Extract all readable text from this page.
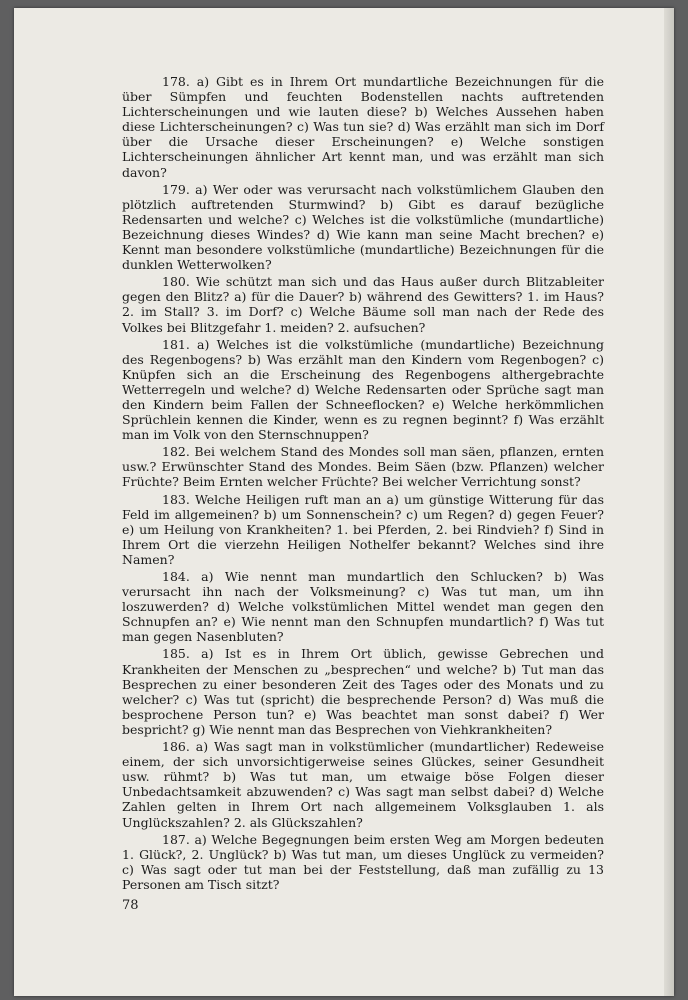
178. a) Gibt es in Ihrem Ort mundartliche Bezeichnungen für die über Sümpfen und feuchten Bodenstellen nachts auftretenden Lichterscheinungen und wie lauten diese? b) Welches Aussehen haben diese Lichterscheinungen? c) Was tun sie? d) Was erzählt man sich im Dorf über die Ursache dieser Erscheinungen? e) Welche sonstigen Lichterscheinungen ähnlicher Art kennt man, und was erzählt man sich davon?

179. a) Wer oder was verursacht nach volkstümlichem Glauben den plötzlich auftretenden Sturmwind? b) Gibt es darauf bezügliche Redensarten und welche? c) Welches ist die volkstümliche (mundartliche) Bezeichnung dieses Windes? d) Wie kann man seine Macht brechen? e) Kennt man besondere volkstümliche (mundartliche) Bezeichnungen für die dunklen Wetterwolken?

180. Wie schützt man sich und das Haus außer durch Blitzableiter gegen den Blitz? a) für die Dauer? b) während des Gewitters? 1. im Haus? 2. im Stall? 3. im Dorf? c) Welche Bäume soll man nach der Rede des Volkes bei Blitzgefahr 1. meiden? 2. aufsuchen?

181. a) Welches ist die volkstümliche (mundartliche) Bezeichnung des Regenbogens? b) Was erzählt man den Kindern vom Regenbogen? c) Knüpfen sich an die Erscheinung des Regenbogens althergebrachte Wetterregeln und welche? d) Welche Redensarten oder Sprüche sagt man den Kindern beim Fallen der Schneeflocken? e) Welche herkömmlichen Sprüchlein kennen die Kinder, wenn es zu regnen beginnt? f) Was erzählt man im Volk von den Sternschnuppen?

182. Bei welchem Stand des Mondes soll man säen, pflanzen, ernten usw.? Erwünschter Stand des Mondes. Beim Säen (bzw. Pflanzen) welcher Früchte? Beim Ernten welcher Früchte? Bei welcher Verrichtung sonst?

183. Welche Heiligen ruft man an a) um günstige Witterung für das Feld im allgemeinen? b) um Sonnenschein? c) um Regen? d) gegen Feuer? e) um Heilung von Krankheiten? 1. bei Pferden, 2. bei Rindvieh? f) Sind in Ihrem Ort die vierzehn Heiligen Nothelfer bekannt? Welches sind ihre Namen?

184. a) Wie nennt man mundartlich den Schlucken? b) Was verursacht ihn nach der Volksmeinung? c) Was tut man, um ihn loszuwerden? d) Welche volkstümlichen Mittel wendet man gegen den Schnupfen an? e) Wie nennt man den Schnupfen mundartlich? f) Was tut man gegen Nasenbluten?

185. a) Ist es in Ihrem Ort üblich, gewisse Gebrechen und Krankheiten der Menschen zu „besprechen“ und welche? b) Tut man das Besprechen zu einer besonderen Zeit des Tages oder des Monats und zu welcher? c) Was tut (spricht) die besprechende Person? d) Was muß die besprochene Person tun? e) Was beachtet man sonst dabei? f) Wer bespricht? g) Wie nennt man das Besprechen von Viehkrankheiten?

186. a) Was sagt man in volkstümlicher (mundartlicher) Redeweise einem, der sich unvorsichtigerweise seines Glückes, seiner Gesundheit usw. rühmt? b) Was tut man, um etwaige böse Folgen dieser Unbedachtsamkeit abzuwenden? c) Was sagt man selbst dabei? d) Welche Zahlen gelten in Ihrem Ort nach allgemeinem Volksglauben 1. als Unglückszahlen? 2. als Glückszahlen?

187. a) Welche Begegnungen beim ersten Weg am Morgen bedeuten 1. Glück?, 2. Unglück? b) Was tut man, um dieses Unglück zu vermeiden? c) Was sagt oder tut man bei der Feststellung, daß man zufällig zu 13 Personen am Tisch sitzt?

78
